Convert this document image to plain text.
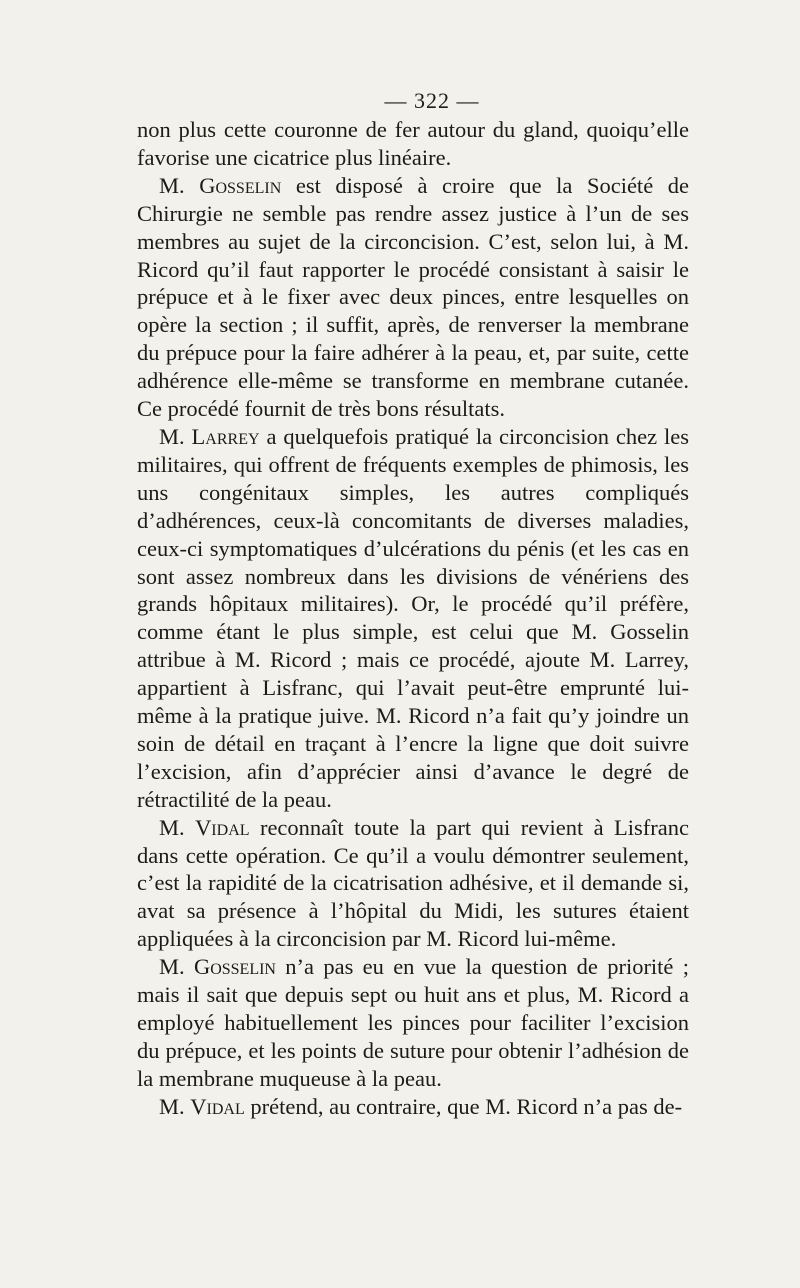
— 322 —

non plus cette couronne de fer autour du gland, quoiqu’elle favorise une cicatrice plus linéaire.

M. Gosselin est disposé à croire que la Société de Chirurgie ne semble pas rendre assez justice à l’un de ses membres au sujet de la circoncision. C’est, selon lui, à M. Ricord qu’il faut rapporter le procédé consistant à saisir le prépuce et à le fixer avec deux pinces, entre lesquelles on opère la section ; il suffit, après, de renverser la membrane du prépuce pour la faire adhérer à la peau, et, par suite, cette adhérence elle-même se transforme en membrane cutanée. Ce procédé fournit de très bons résultats.

M. Larrey a quelquefois pratiqué la circoncision chez les militaires, qui offrent de fréquents exemples de phimosis, les uns congénitaux simples, les autres compliqués d’adhérences, ceux-là concomitants de diverses maladies, ceux-ci symptomatiques d’ulcérations du pénis (et les cas en sont assez nombreux dans les divisions de vénériens des grands hôpitaux militaires). Or, le procédé qu’il préfère, comme étant le plus simple, est celui que M. Gosselin attribue à M. Ricord ; mais ce procédé, ajoute M. Larrey, appartient à Lisfranc, qui l’avait peut-être emprunté lui-même à la pratique juive. M. Ricord n’a fait qu’y joindre un soin de détail en traçant à l’encre la ligne que doit suivre l’excision, afin d’apprécier ainsi d’avance le degré de rétractilité de la peau.

M. Vidal reconnaît toute la part qui revient à Lisfranc dans cette opération. Ce qu’il a voulu démontrer seulement, c’est la rapidité de la cicatrisation adhésive, et il demande si, avat sa présence à l’hôpital du Midi, les sutures étaient appliquées à la circoncision par M. Ricord lui-même.

M. Gosselin n’a pas eu en vue la question de priorité ; mais il sait que depuis sept ou huit ans et plus, M. Ricord a employé habituellement les pinces pour faciliter l’excision du prépuce, et les points de suture pour obtenir l’adhésion de la membrane muqueuse à la peau.

M. Vidal prétend, au contraire, que M. Ricord n’a pas de-
